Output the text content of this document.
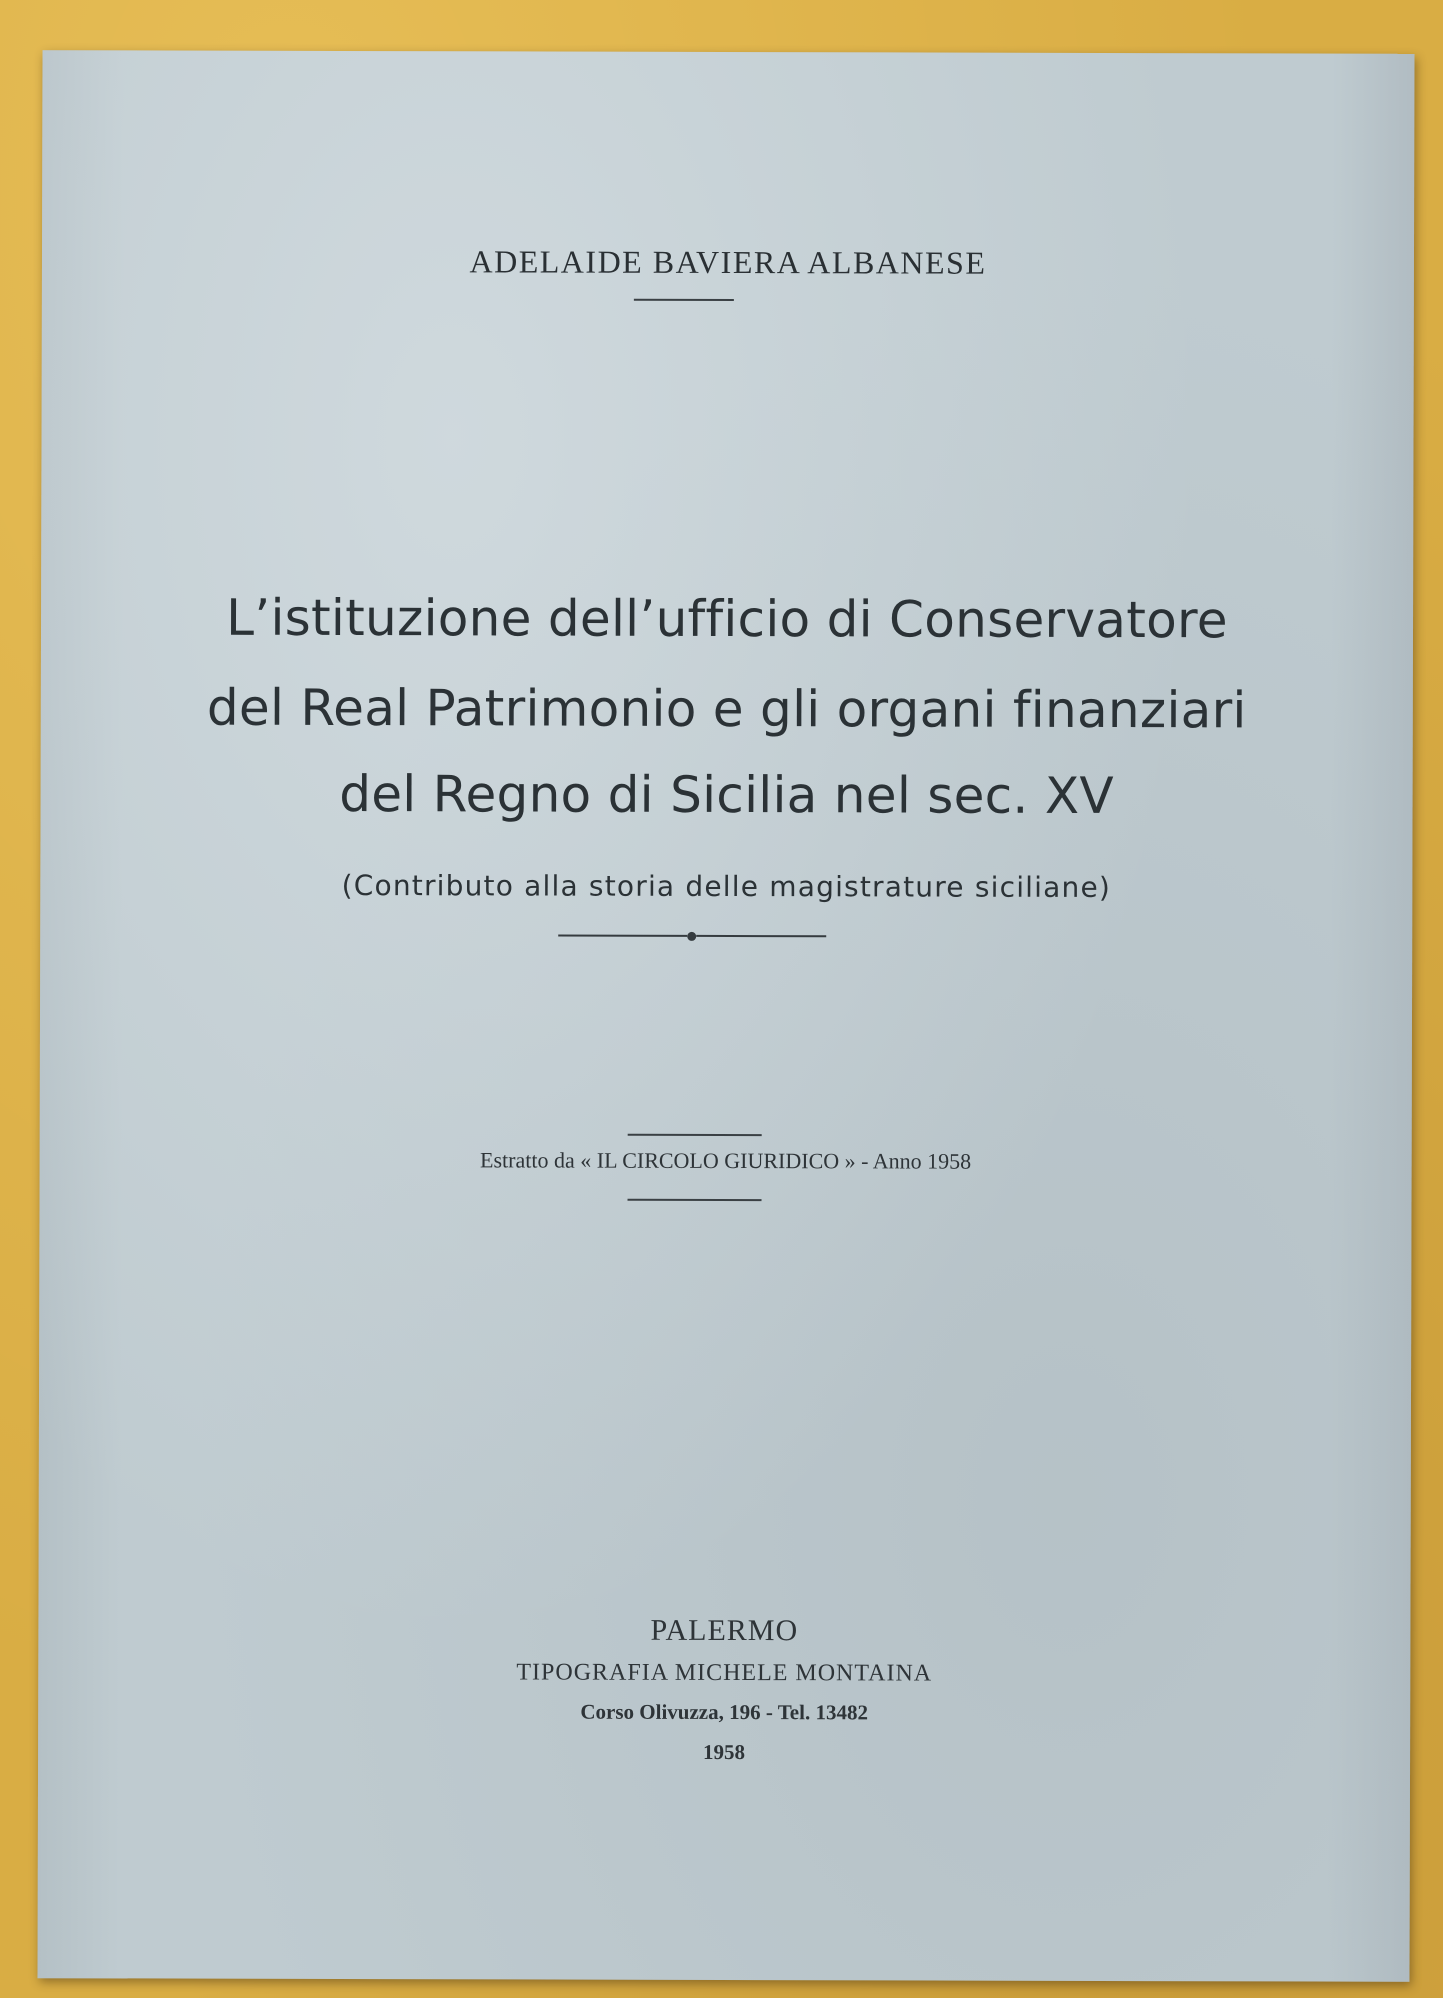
ADELAIDE BAVIERA ALBANESE
L’istituzione dell’ufficio di Conservatore
del Real Patrimonio e gli organi finanziari
del Regno di Sicilia nel sec. XV
(Contributo alla storia delle magistrature siciliane)
Estratto da « IL CIRCOLO GIURIDICO » - Anno 1958
PALERMO
TIPOGRAFIA MICHELE MONTAINA
Corso Olivuzza, 196 - Tel. 13482
1958
